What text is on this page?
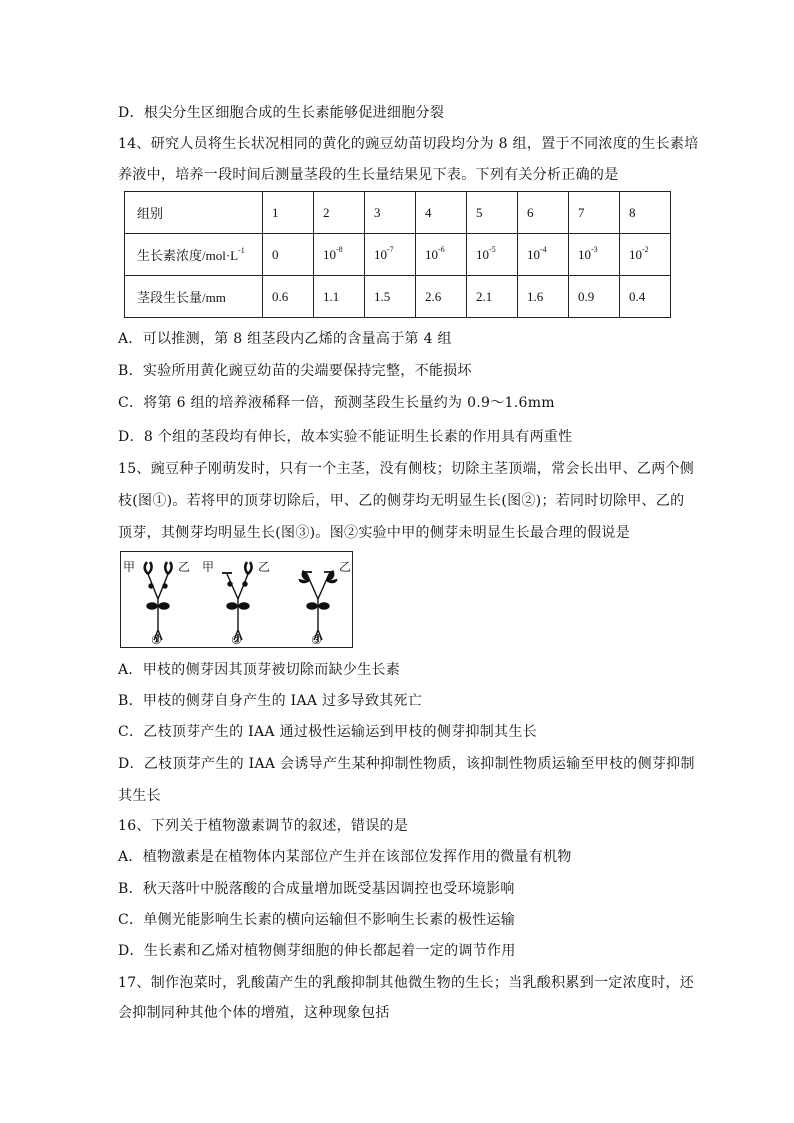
D．根尖分生区细胞合成的生长素能够促进细胞分裂
14、研究人员将生长状况相同的黄化的豌豆幼苗切段均分为 8 组，置于不同浓度的生长素培
养液中，培养一段时间后测量茎段的生长量结果见下表。下列有关分析正确的是
组别	1	2	3	4	5	6	7	8
生长素浓度$/mol\cdot L^{-1}$	0	$10^{-8}$	$10^{-7}$	$10^{-6}$	$10^{-5}$	$10^{-4}$	$10^{-3}$	$10^{-2}$
茎段生长量/mm	0.6	1.1	1.5	2.6	2.1	1.6	0.9	0.4
A．可以推测，第 8 组茎段内乙烯的含量高于第 4 组
B．实验所用黄化豌豆幼苗的尖端要保持完整，不能损坏
C．将第 6 组的培养液稀释一倍，预测茎段生长量约为 0.9～1.6mm
D．8 个组的茎段均有伸长，故本实验不能证明生长素的作用具有两重性
15、豌豆种子刚萌发时，只有一个主茎，没有侧枝；切除主茎顶端，常会长出甲、乙两个侧
枝(图①)。若将甲的顶芽切除后，甲、乙的侧芽均无明显生长(图②)；若同时切除甲、乙的
顶芽，其侧芽均明显生长(图③)。图②实验中甲的侧芽未明显生长最合理的假说是
甲	乙 甲	乙	乙
①	②	③
A．甲枝的侧芽因其顶芽被切除而缺少生长素
B．甲枝的侧芽自身产生的 IAA 过多导致其死亡
C．乙枝顶芽产生的 IAA 通过极性运输运到甲枝的侧芽抑制其生长
D．乙枝顶芽产生的 IAA 会诱导产生某种抑制性物质，该抑制性物质运输至甲枝的侧芽抑制
其生长
16、下列关于植物激素调节的叙述，错误的是
A．植物激素是在植物体内某部位产生并在该部位发挥作用的微量有机物
B．秋天落叶中脱落酸的合成量增加既受基因调控也受环境影响
C．单侧光能影响生长素的横向运输但不影响生长素的极性运输
D．生长素和乙烯对植物侧芽细胞的伸长都起着一定的调节作用
17、制作泡菜时，乳酸菌产生的乳酸抑制其他微生物的生长；当乳酸积累到一定浓度时，还
会抑制同种其他个体的增殖，这种现象包括
